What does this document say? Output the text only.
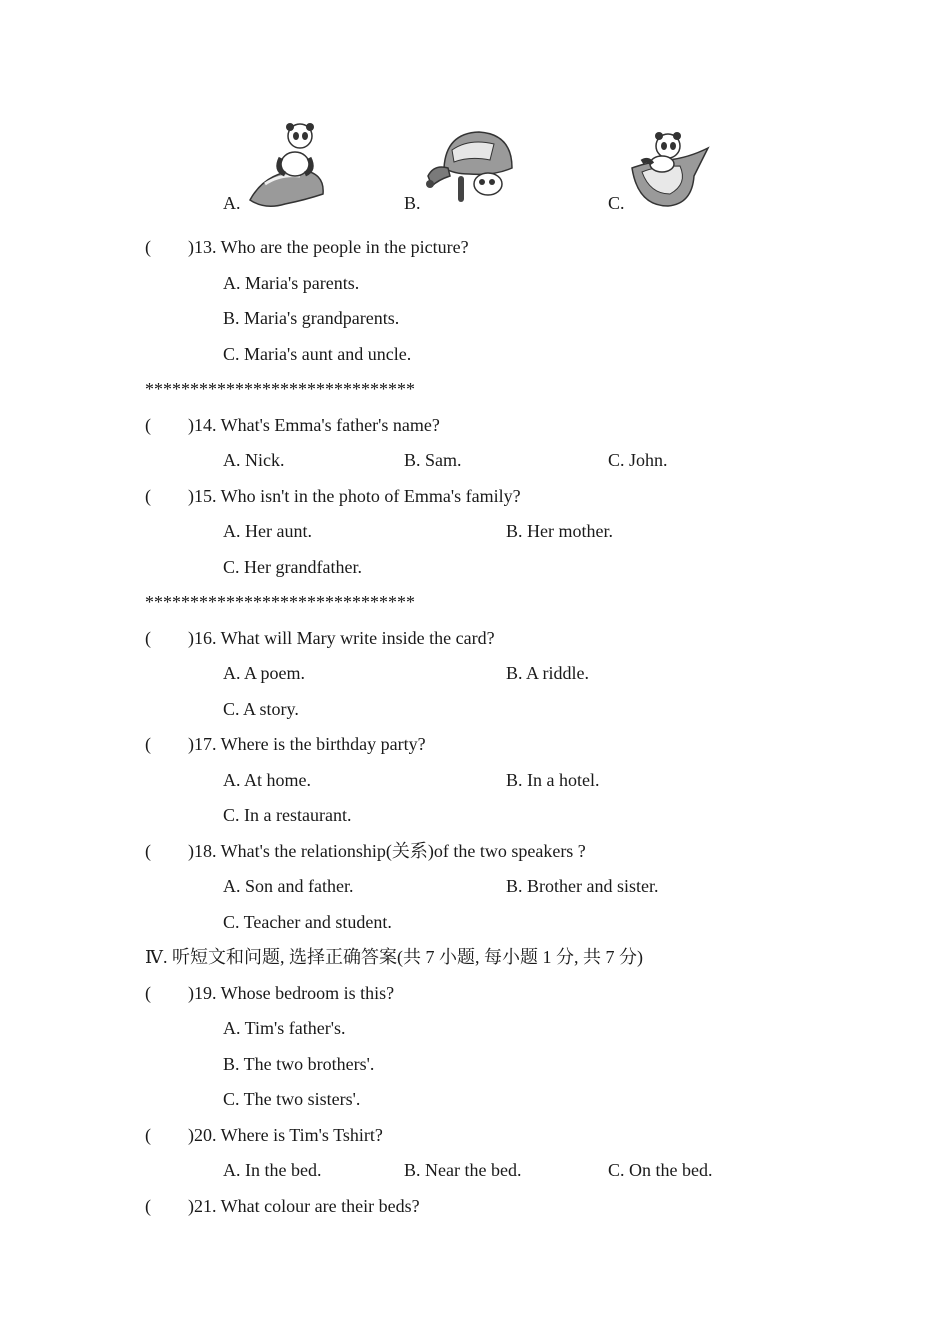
A.	B.	C.
( )13. Who are the people in the picture?
A. Maria's parents.
B. Maria's grandparents.
C. Maria's aunt and uncle.
******************************
( )14. What's Emma's father's name?
A. Nick.	B. Sam.	C. John.
( )15. Who isn't in the photo of Emma's family?
A. Her aunt.	B. Her mother.
C. Her grandfather.
******************************
( )16. What will Mary write inside the card?
A. A poem.	B. A riddle.
C. A story.
( )17. Where is the birthday party?
A. At home.	B. In a hotel.
C. In a restaurant.
( )18. What's the relationship(关系)of the two speakers ?
A. Son and father.	B. Brother and sister.
C. Teacher and student.
Ⅳ. 听短文和问题, 选择正确答案(共 7 小题, 每小题 1 分, 共 7 分)
( )19. Whose bedroom is this?
A. Tim's father's.
B. The two brothers'.
C. The two sisters'.
( )20. Where is Tim's Tshirt?
A. In the bed.	B. Near the bed.	C. On the bed.
( )21. What colour are their beds?
